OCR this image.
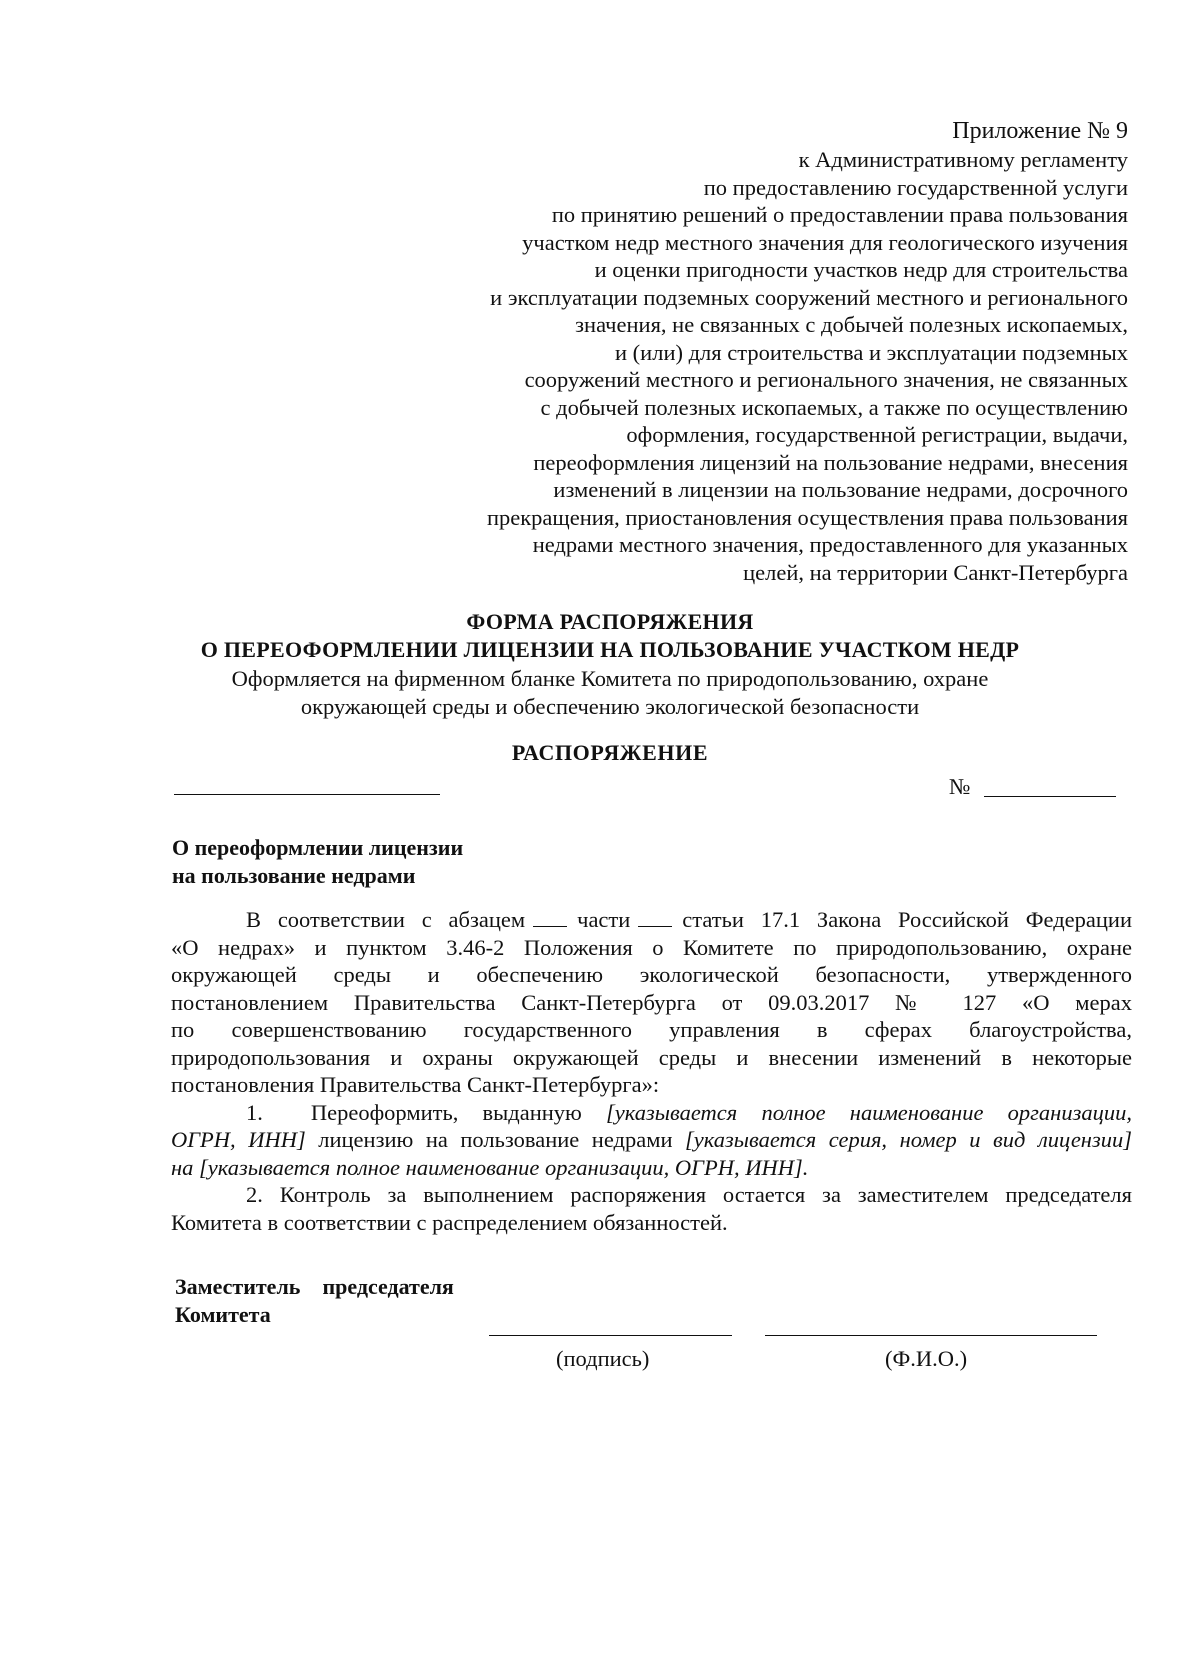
Приложение № 9
к Административному регламенту
по предоставлению государственной услуги
по принятию решений о предоставлении права пользования
участком недр местного значения для геологического изучения
и оценки пригодности участков недр для строительства
и эксплуатации подземных сооружений местного и регионального
значения, не связанных с добычей полезных ископаемых,
и (или) для строительства и эксплуатации подземных
сооружений местного и регионального значения, не связанных
с добычей полезных ископаемых, а также по осуществлению
оформления, государственной регистрации, выдачи,
переоформления лицензий на пользование недрами, внесения
изменений в лицензии на пользование недрами, досрочного
прекращения, приостановления осуществления права пользования
недрами местного значения, предоставленного для указанных
целей, на территории Санкт-Петербурга
ФОРМА РАСПОРЯЖЕНИЯ
О ПЕРЕОФОРМЛЕНИИ ЛИЦЕНЗИИ НА ПОЛЬЗОВАНИЕ УЧАСТКОМ НЕДР
Оформляется на фирменном бланке Комитета по природопользованию, охране
окружающей среды и обеспечению экологической безопасности
РАСПОРЯЖЕНИЕ
№
О переоформлении лицензии
на пользование недрами
В соответствии с абзацем части статьи 17.1 Закона Российской Федерации
«О недрах» и пунктом 3.46-2 Положения о Комитете по природопользованию, охране
окружающей среды и обеспечению экологической безопасности, утвержденного
постановлением Правительства Санкт-Петербурга от 09.03.2017 № 127 «О мерах
по совершенствованию государственного управления в сферах благоустройства,
природопользования и охраны окружающей среды и внесении изменений в некоторые
постановления Правительства Санкт-Петербурга»:
1. Переоформить, выданную [указывается полное наименование организации,
ОГРН, ИНН] лицензию на пользование недрами [указывается серия, номер и вид лицензии]
на [указывается полное наименование организации, ОГРН, ИНН].
2. Контроль за выполнением распоряжения остается за заместителем председателя
Комитета в соответствии с распределением обязанностей.
Заместитель председателя
Комитета
(подпись)	(Ф.И.О.)
